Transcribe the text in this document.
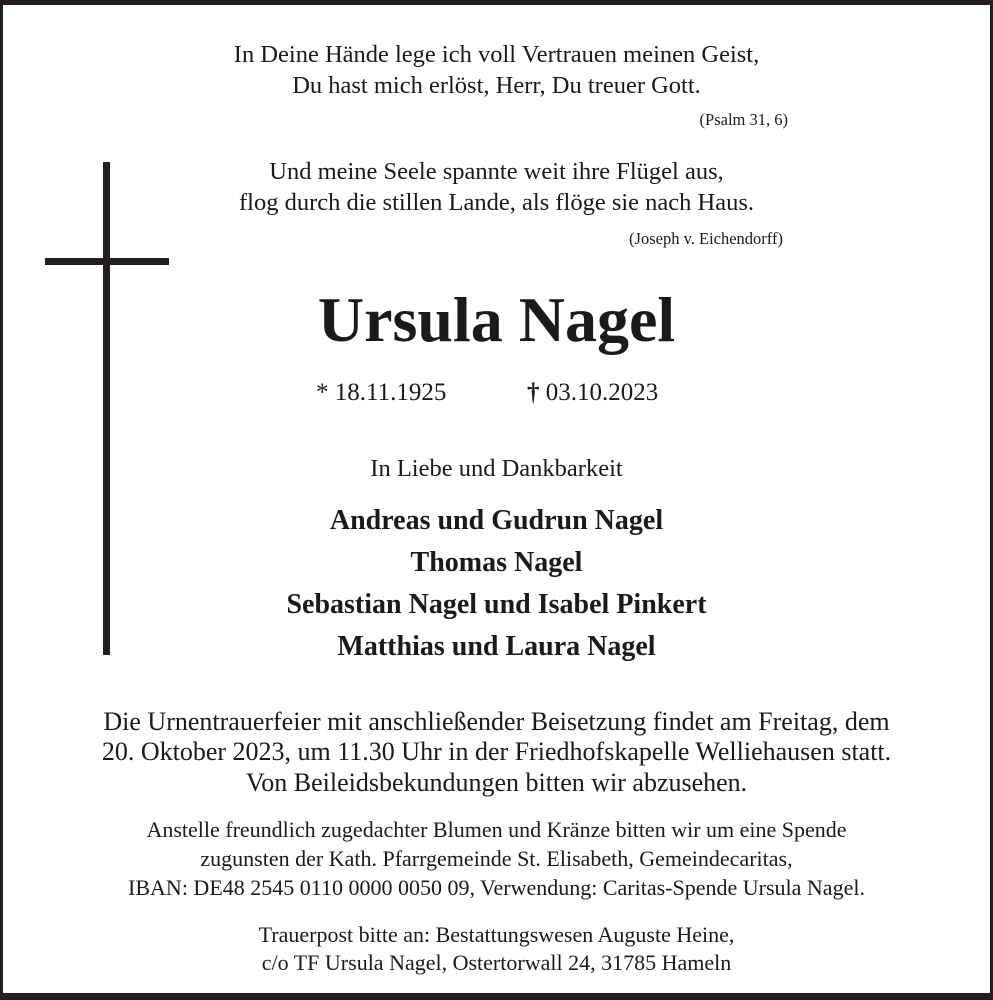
In Deine Hände lege ich voll Vertrauen meinen Geist,
Du hast mich erlöst, Herr, Du treuer Gott.
(Psalm 31, 6)
Und meine Seele spannte weit ihre Flügel aus,
flog durch die stillen Lande, als flöge sie nach Haus.
(Joseph v. Eichendorff)
Ursula Nagel
* 18.11.1925	† 03.10.2023
In Liebe und Dankbarkeit
Andreas und Gudrun Nagel
Thomas Nagel
Sebastian Nagel und Isabel Pinkert
Matthias und Laura Nagel
Die Urnentrauerfeier mit anschließender Beisetzung findet am Freitag, dem
20. Oktober 2023, um 11.30 Uhr in der Friedhofskapelle Welliehausen statt.
Von Beileidsbekundungen bitten wir abzusehen.
Anstelle freundlich zugedachter Blumen und Kränze bitten wir um eine Spende
zugunsten der Kath. Pfarrgemeinde St. Elisabeth, Gemeindecaritas,
IBAN: DE48 2545 0110 0000 0050 09, Verwendung: Caritas-Spende Ursula Nagel.
Trauerpost bitte an: Bestattungswesen Auguste Heine,
c/o TF Ursula Nagel, Ostertorwall 24, 31785 Hameln
